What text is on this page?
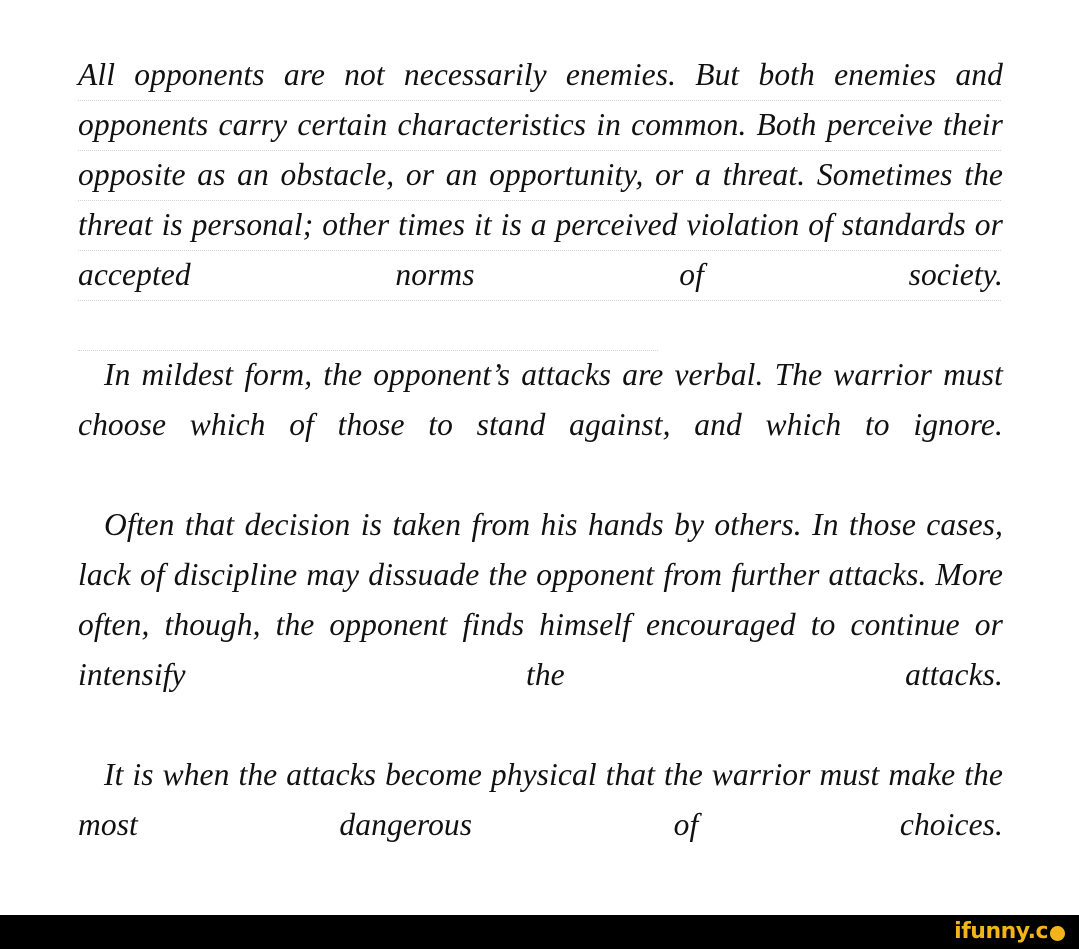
All opponents are not necessarily enemies. But both enemies and opponents carry certain characteristics in common. Both perceive their opposite as an obstacle, or an opportunity, or a threat. Sometimes the threat is personal; other times it is a perceived violation of standards or accepted norms of society.

In mildest form, the opponent’s attacks are verbal. The warrior must choose which of those to stand against, and which to ignore.

Often that decision is taken from his hands by others. In those cases, lack of discipline may dissuade the opponent from further attacks. More often, though, the opponent finds himself encouraged to continue or intensify the attacks.

It is when the attacks become physical that the warrior must make the most dangerous of choices.

ifunny.c
